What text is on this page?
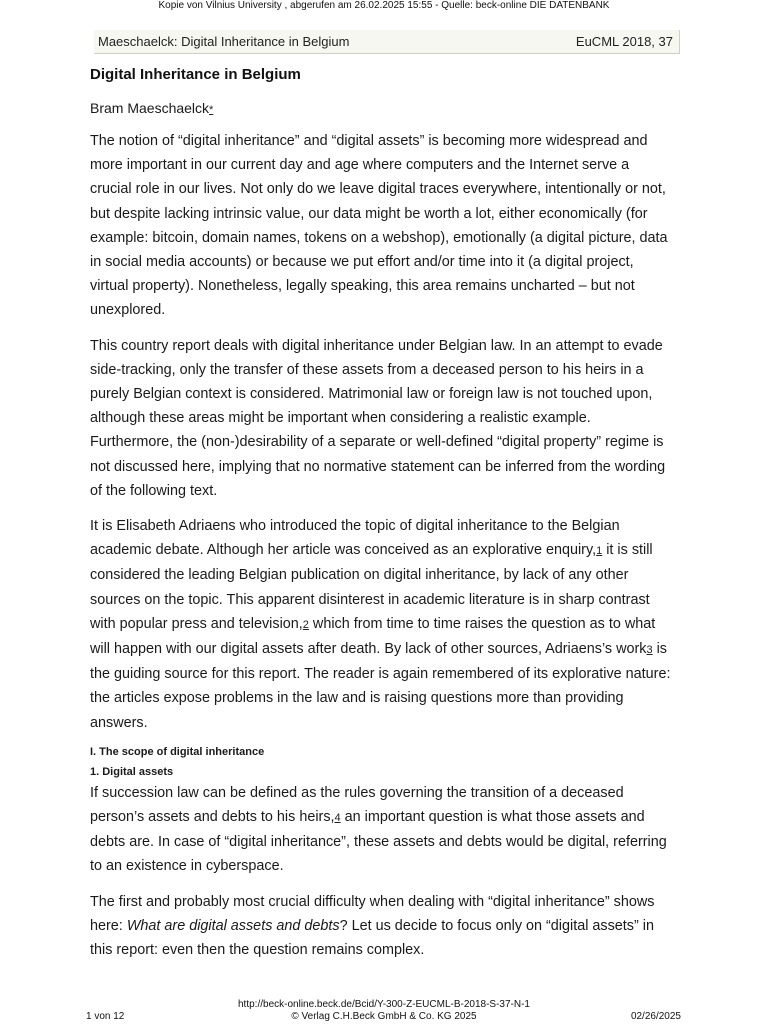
Kopie von Vilnius University , abgerufen am 26.02.2025 15:55 - Quelle: beck-online DIE DATENBANK
Maeschaelck: Digital Inheritance in Belgium	EuCML 2018, 37
Digital Inheritance in Belgium
Bram Maeschaelck*

The notion of “digital inheritance” and “digital assets” is becoming more widespread and more important in our current day and age where computers and the Internet serve a crucial role in our lives. Not only do we leave digital traces everywhere, intentionally or not, but despite lacking intrinsic value, our data might be worth a lot, either economically (for example: bitcoin, domain names, tokens on a webshop), emotionally (a digital picture, data in social media accounts) or because we put effort and/or time into it (a digital project, virtual property). Nonetheless, legally speaking, this area remains uncharted – but not unexplored.

This country report deals with digital inheritance under Belgian law. In an attempt to evade side-tracking, only the transfer of these assets from a deceased person to his heirs in a purely Belgian context is considered. Matrimonial law or foreign law is not touched upon, although these areas might be important when considering a realistic example. Furthermore, the (non-)desirability of a separate or well-defined “digital property” regime is not discussed here, implying that no normative statement can be inferred from the wording of the following text.

It is Elisabeth Adriaens who introduced the topic of digital inheritance to the Belgian academic debate. Although her article was conceived as an explorative enquiry,1 it is still considered the leading Belgian publication on digital inheritance, by lack of any other sources on the topic. This apparent disinterest in academic literature is in sharp contrast with popular press and television,2 which from time to time raises the question as to what will happen with our digital assets after death. By lack of other sources, Adriaens’s work3 is the guiding source for this report. The reader is again remembered of its explorative nature: the articles expose problems in the law and is raising questions more than providing answers.

I. The scope of digital inheritance
1. Digital assets

If succession law can be defined as the rules governing the transition of a deceased person’s assets and debts to his heirs,4 an important question is what those assets and debts are. In case of “digital inheritance”, these assets and debts would be digital, referring to an existence in cyberspace.

The first and probably most crucial difficulty when dealing with “digital inheritance” shows here: What are digital assets and debts? Let us decide to focus only on “digital assets” in this report: even then the question remains complex.

http://beck-online.beck.de/Bcid/Y-300-Z-EUCML-B-2018-S-37-N-1
1 von 12	© Verlag C.H.Beck GmbH & Co. KG 2025	02/26/2025
